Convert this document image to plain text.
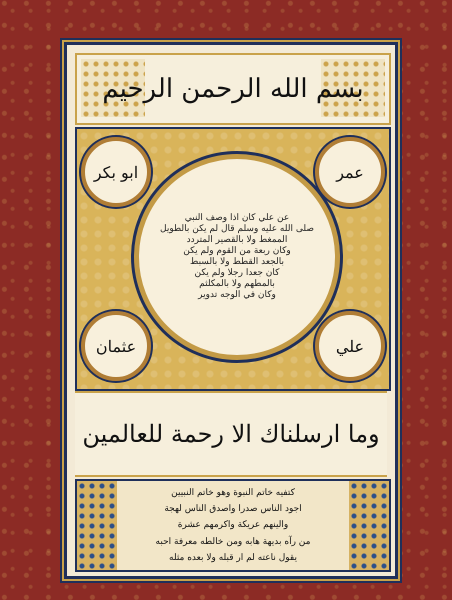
بسم الله الرحمن الرحيم
ابو بكر	عمر
عثمان	علي
عن علي كان اذا وصف النبي
صلى الله عليه وسلم قال لم يكن بالطويل
الممغط ولا بالقصير المتردد
وكان ربعة من القوم ولم يكن
بالجعد القطط ولا بالسبط
كان جعدا رجلا ولم يكن
بالمطهم ولا بالمكلثم
وكان في الوجه تدوير
وما ارسلناك الا رحمة للعالمين
كتفيه خاتم النبوة وهو خاتم النبيين
اجود الناس صدرا واصدق الناس لهجة
والينهم عريكة واكرمهم عشرة
من رآه بديهة هابه ومن خالطه معرفة احبه
يقول ناعته لم ار قبله ولا بعده مثله
